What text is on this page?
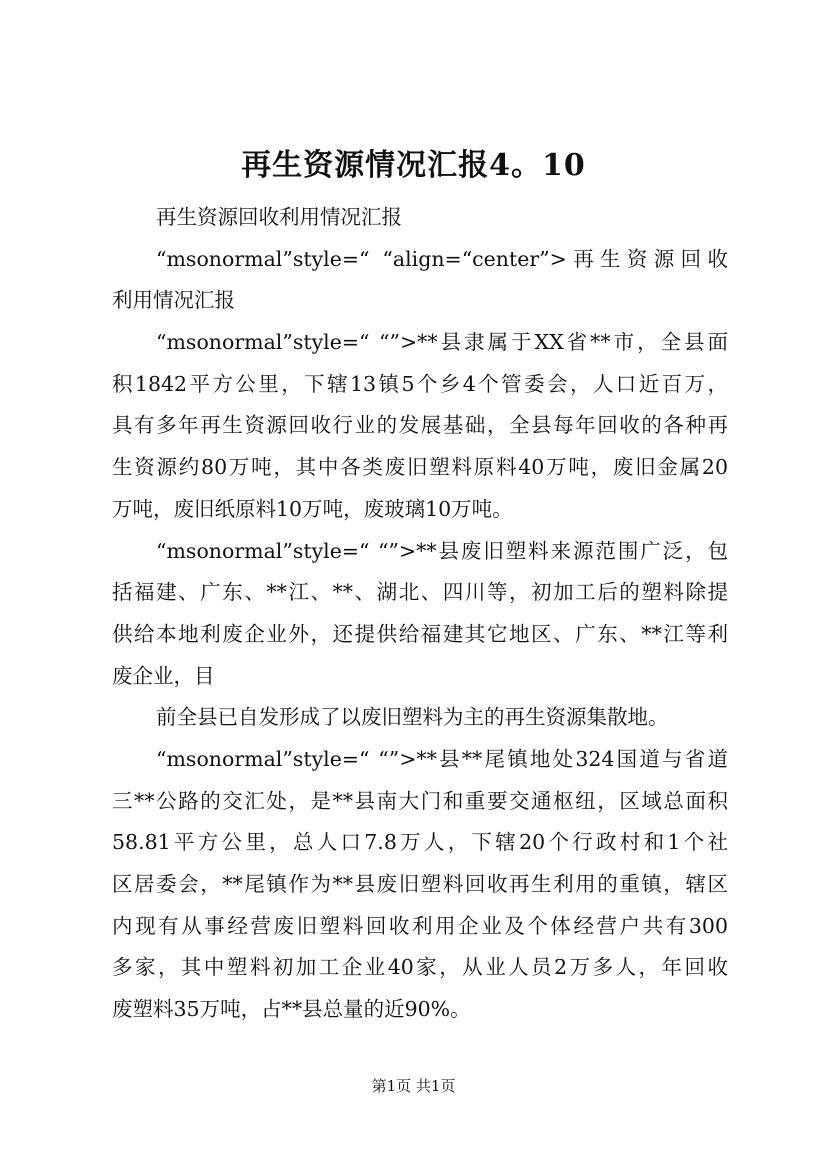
再生资源情况汇报4。10
再生资源回收利用情况汇报
“msonormal”style=“ “align=“center”>再生资源回收
利用情况汇报
“msonormal”style=“ “”>**县隶属于XX省**市，全县面
积1842平方公里，下辖13镇5个乡4个管委会，人口近百万，
具有多年再生资源回收行业的发展基础，全县每年回收的各种再
生资源约80万吨，其中各类废旧塑料原料40万吨，废旧金属20
万吨，废旧纸原料10万吨，废玻璃10万吨。
“msonormal”style=“ “”>**县废旧塑料来源范围广泛，包
括福建、广东、**江、**、湖北、四川等，初加工后的塑料除提
供给本地利废企业外，还提供给福建其它地区、广东、**江等利
废企业，目
前全县已自发形成了以废旧塑料为主的再生资源集散地。
“msonormal”style=“ “”>**县**尾镇地处324国道与省道
三**公路的交汇处，是**县南大门和重要交通枢纽，区域总面积
58.81平方公里，总人口7.8万人，下辖20个行政村和1个社
区居委会，**尾镇作为**县废旧塑料回收再生利用的重镇，辖区
内现有从事经营废旧塑料回收利用企业及个体经营户共有300
多家，其中塑料初加工企业40家，从业人员2万多人，年回收
废塑料35万吨，占**县总量的近90%。
第1页 共1页
